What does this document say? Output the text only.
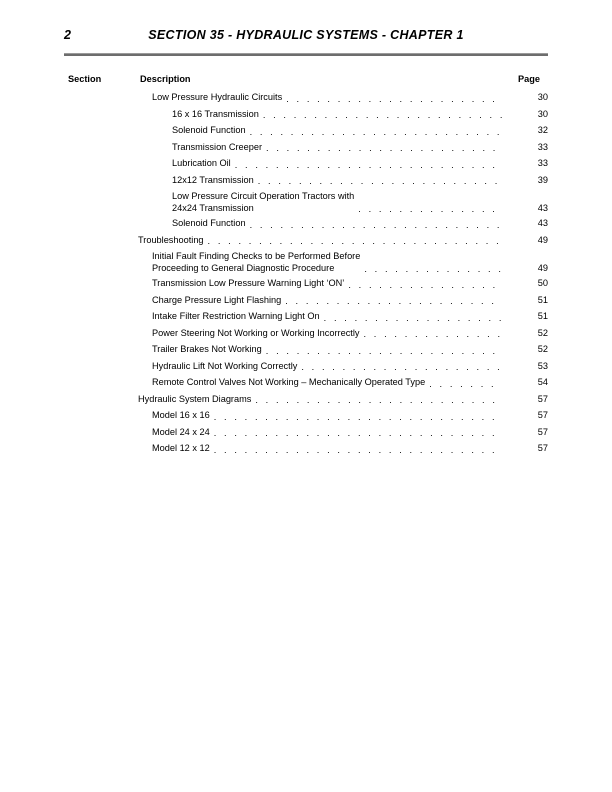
2	SECTION 35 - HYDRAULIC SYSTEMS - CHAPTER 1
Section	Description	Page
Low Pressure Hydraulic Circuits . . .	30
16 x 16 Transmission . . .	30
Solenoid Function . . .	32
Transmission Creeper . . .	33
Lubrication Oil . . .	33
12x12 Transmission . . .	39
Low Pressure Circuit Operation Tractors with
24x24 Transmission . . .	43
Solenoid Function . . .	43
Troubleshooting . . .	49
Initial Fault Finding Checks to be Performed Before
Proceeding to General Diagnostic Procedure . . .	49
Transmission Low Pressure Warning Light ‘ON’ . . .	50
Charge Pressure Light Flashing . . .	51
Intake Filter Restriction Warning Light On . . .	51
Power Steering Not Working or Working Incorrectly . . .	52
Trailer Brakes Not Working . . .	52
Hydraulic Lift Not Working Correctly . . .	53
Remote Control Valves Not Working – Mechanically Operated Type . . .	54
Hydraulic System Diagrams . . .	57
Model 16 x 16 . . .	57
Model 24 x 24 . . .	57
Model 12 x 12 . . .	57
